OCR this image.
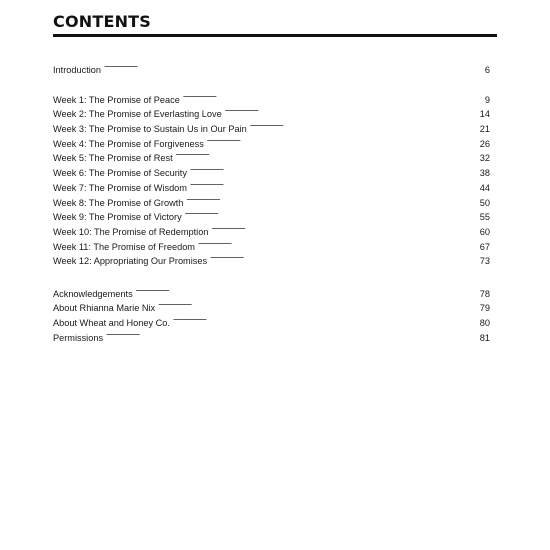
CONTENTS
Introduction . . .	6
Week 1: The Promise of Peace . . .	9
Week 2: The Promise of Everlasting Love . . .	14
Week 3: The Promise to Sustain Us in Our Pain . . .	21
Week 4: The Promise of Forgiveness . . .	26
Week 5: The Promise of Rest . . .	32
Week 6: The Promise of Security . . .	38
Week 7: The Promise of Wisdom . . .	44
Week 8: The Promise of Growth . . .	50
Week 9: The Promise of Victory . . .	55
Week 10: The Promise of Redemption . . .	60
Week 11: The Promise of Freedom . . .	67
Week 12: Appropriating Our Promises . . .	73
Acknowledgements . . .	78
About Rhianna Marie Nix . . .	79
About Wheat and Honey Co. . . .	80
Permissions . . .	81
